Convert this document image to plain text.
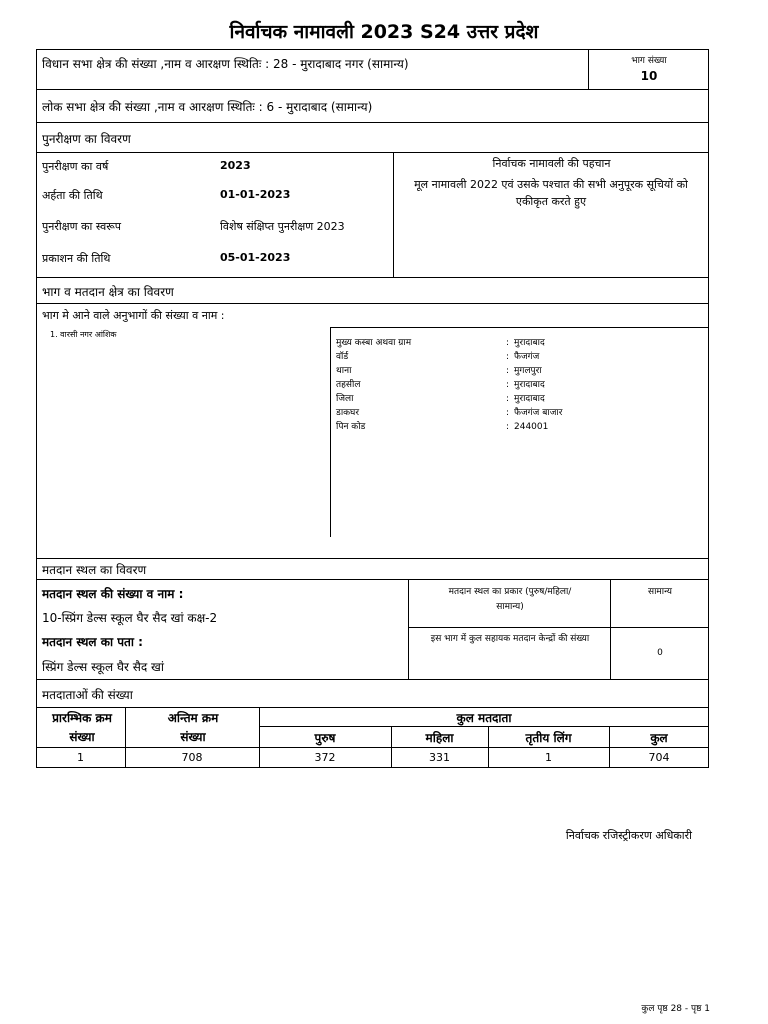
निर्वाचक नामावली 2023 S24 उत्तर प्रदेश
विधान सभा क्षेत्र की संख्या ,नाम व आरक्षण स्थितिः : 28 - मुरादाबाद नगर (सामान्य)	भाग संख्या
10
लोक सभा क्षेत्र की संख्या ,नाम व आरक्षण स्थितिः : 6 - मुरादाबाद (सामान्य)
पुनरीक्षण का विवरण
पुनरीक्षण का वर्ष	2023
अर्हता की तिथि	01-01-2023
पुनरीक्षण का स्वरूप	विशेष संक्षिप्त पुनरीक्षण 2023
प्रकाशन की तिथि	05-01-2023
निर्वाचक नामावली की पहचान
मूल नामावली 2022 एवं उसके पश्चात की सभी अनुपूरक सूचियों को एकीकृत करते हुए
भाग व मतदान क्षेत्र का विवरण
भाग मे आने वाले अनुभागों की संख्या व नाम :
1. वारसी नगर आंशिक
मुख्य कस्बा अथवा ग्राम	: मुरादाबाद
वॉर्ड	: फैजगंज
थाना	: मुगलपुरा
तहसील	: मुरादाबाद
जिला	: मुरादाबाद
डाकघर	: फैजगंज बाजार
पिन कोड	: 244001
मतदान स्थल का विवरण
मतदान स्थल की संख्या व नाम :
10-स्प्रिंग डेल्स स्कूल घैर सैद खां कक्ष-2
मतदान स्थल का पता :
स्प्रिंग डेल्स स्कूल घैर सैद खां
मतदान स्थल का प्रकार (पुरुष/महिला/सामान्य)
सामान्य
इस भाग में कुल सहायक मतदान केन्द्रों की संख्या
0
मतदाताओं की संख्या
प्रारम्भिक क्रम संख्या
अन्तिम क्रम संख्या
कुल मतदाता
पुरुष	महिला	तृतीय लिंग	कुल
1	708	372	331	1	704
निर्वाचक रजिस्ट्रीकरण अधिकारी
कुल पृष्ठ 28 - पृष्ठ 1
